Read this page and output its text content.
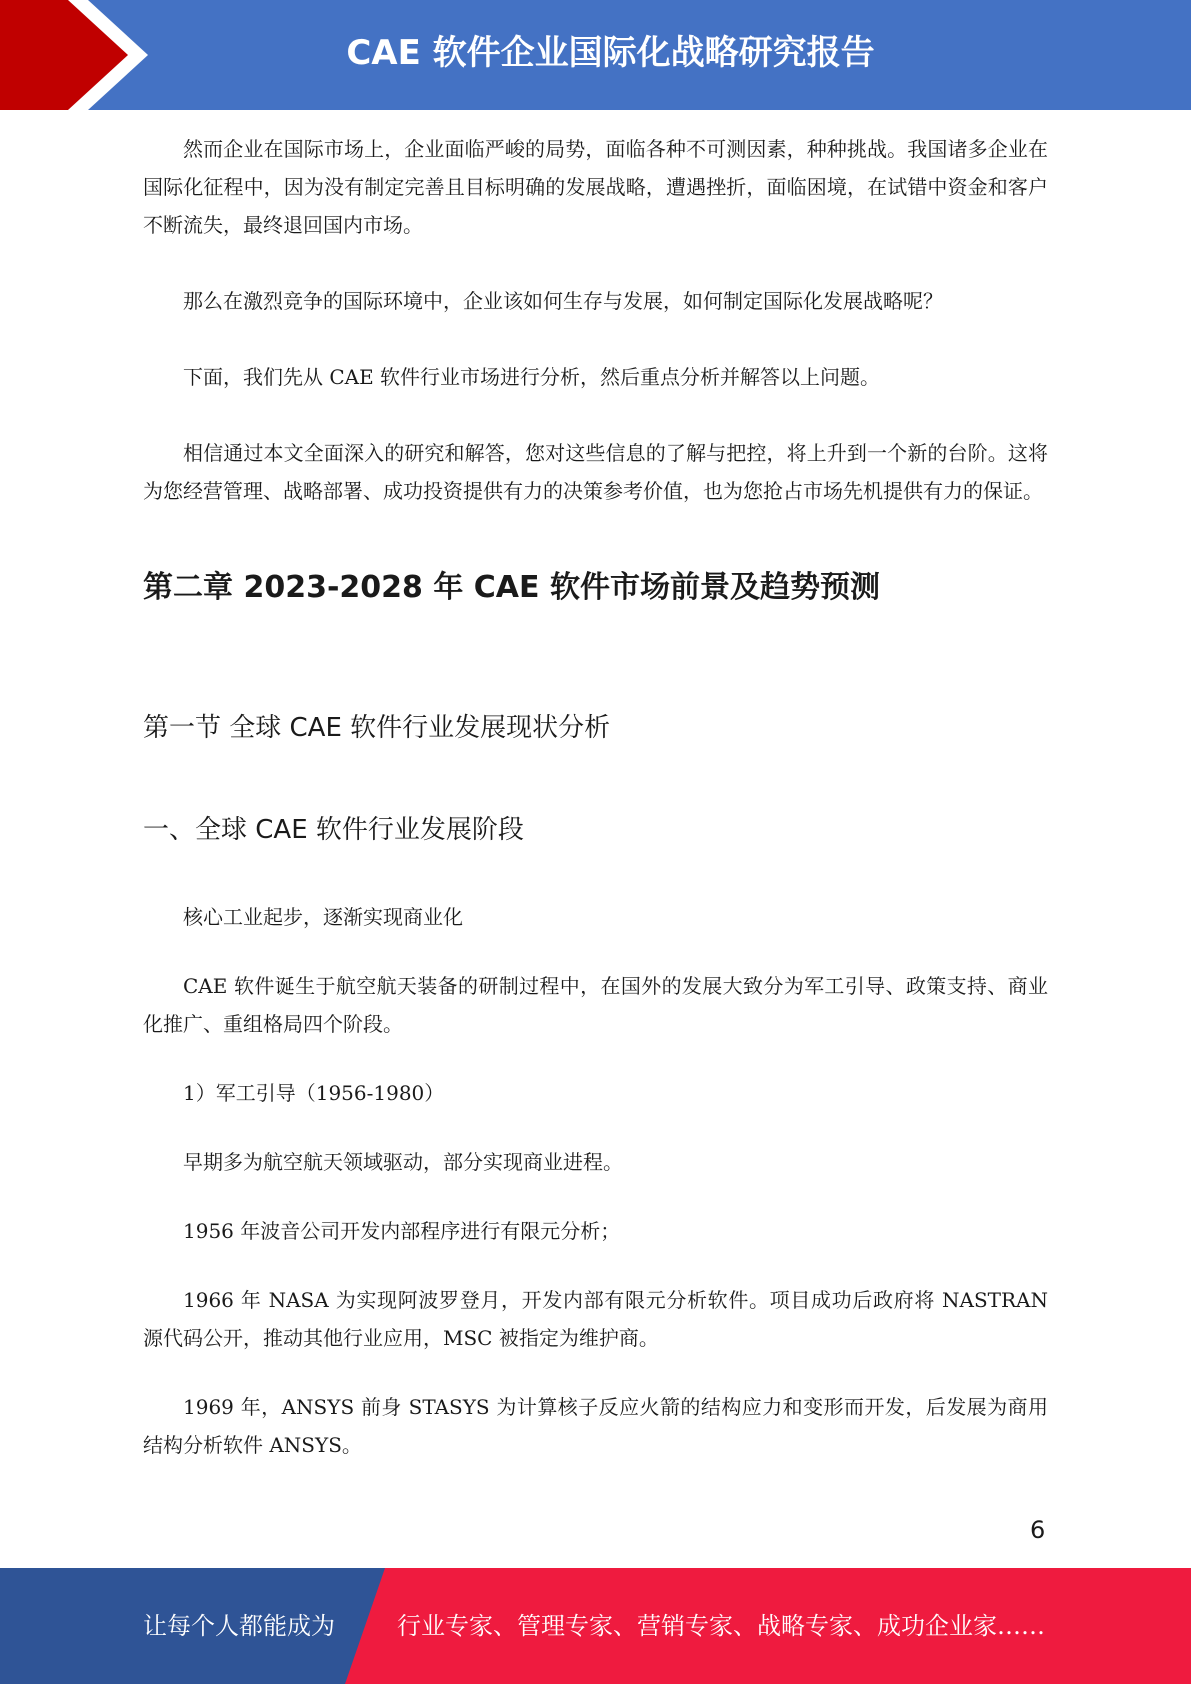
CAE 软件企业国际化战略研究报告

然而企业在国际市场上，企业面临严峻的局势，面临各种不可测因素，种种挑战。我国诸多企业在国际化征程中，因为没有制定完善且目标明确的发展战略，遭遇挫折，面临困境，在试错中资金和客户不断流失，最终退回国内市场。

那么在激烈竞争的国际环境中，企业该如何生存与发展，如何制定国际化发展战略呢？

下面，我们先从 CAE 软件行业市场进行分析，然后重点分析并解答以上问题。

相信通过本文全面深入的研究和解答，您对这些信息的了解与把控，将上升到一个新的台阶。这将为您经营管理、战略部署、成功投资提供有力的决策参考价值，也为您抢占市场先机提供有力的保证。

第二章 2023-2028 年 CAE 软件市场前景及趋势预测
第一节 全球 CAE 软件行业发展现状分析
一、全球 CAE 软件行业发展阶段

核心工业起步，逐渐实现商业化

CAE 软件诞生于航空航天装备的研制过程中，在国外的发展大致分为军工引导、政策支持、商业化推广、重组格局四个阶段。

1）军工引导（1956-1980）

早期多为航空航天领域驱动，部分实现商业进程。

1956 年波音公司开发内部程序进行有限元分析；

1966 年 NASA 为实现阿波罗登月，开发内部有限元分析软件。项目成功后政府将 NASTRAN 源代码公开，推动其他行业应用，MSC 被指定为维护商。

1969 年，ANSYS 前身 STASYS 为计算核子反应火箭的结构应力和变形而开发，后发展为商用结构分析软件 ANSYS。

6
让每个人都能成为	行业专家、管理专家、营销专家、战略专家、成功企业家……
